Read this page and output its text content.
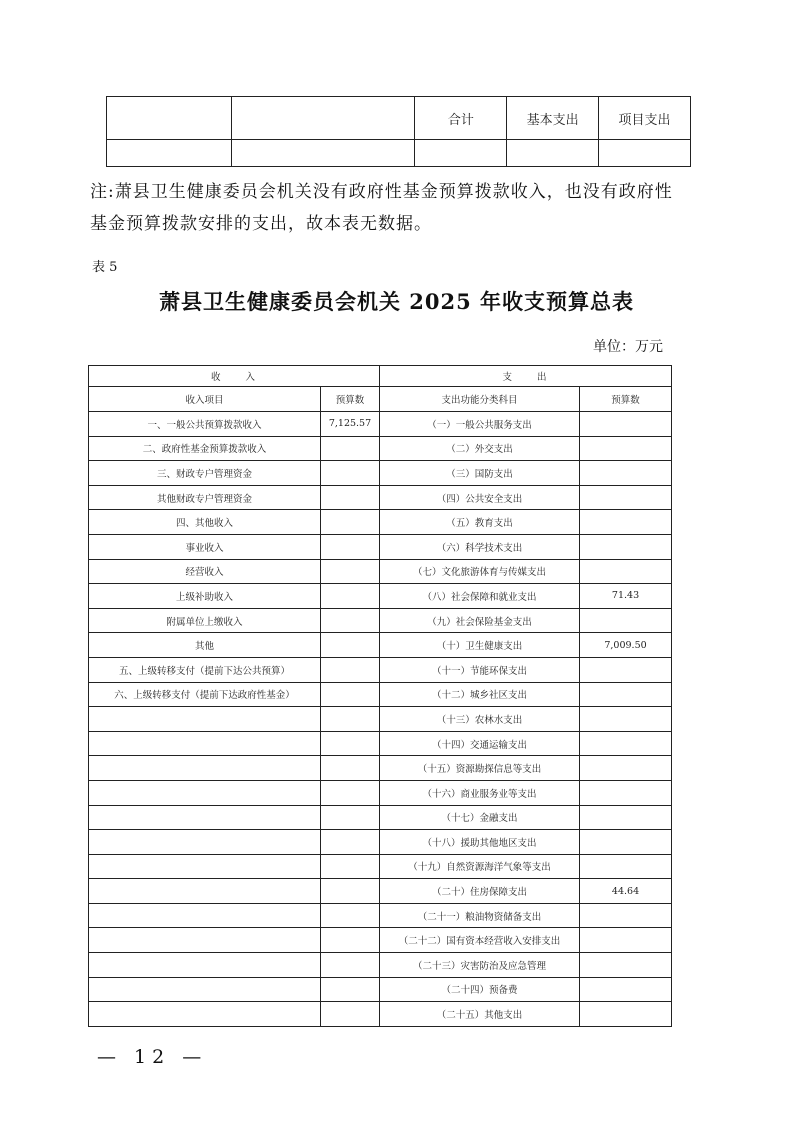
		合计	基本支出	项目支出

注:萧县卫生健康委员会机关没有政府性基金预算拨款收入，也没有政府性基金预算拨款安排的支出，故本表无数据。
表 5
萧县卫生健康委员会机关 2025 年收支预算总表
单位：万元
收　　入		支　　出	
收入项目	预算数	支出功能分类科目	预算数
一、一般公共预算拨款收入	7,125.57	（一）一般公共服务支出	
二、政府性基金预算拨款收入		（二）外交支出	
三、财政专户管理资金		（三）国防支出	
其他财政专户管理资金		（四）公共安全支出	
四、其他收入		（五）教育支出	
事业收入		（六）科学技术支出	
经营收入		（七）文化旅游体育与传媒支出	
上级补助收入		（八）社会保障和就业支出	71.43
附属单位上缴收入		（九）社会保险基金支出	
其他		（十）卫生健康支出	7,009.50
五、上级转移支付（提前下达公共预算）		（十一）节能环保支出	
六、上级转移支付（提前下达政府性基金）		（十二）城乡社区支出	
		（十三）农林水支出	
		（十四）交通运输支出	
		（十五）资源勘探信息等支出	
		（十六）商业服务业等支出	
		（十七）金融支出	
		（十八）援助其他地区支出	
		（十九）自然资源海洋气象等支出	
		（二十）住房保障支出	44.64
		（二十一）粮油物资储备支出	
		（二十二）国有资本经营收入安排支出	
		（二十三）灾害防治及应急管理	
		（二十四）预备费	
		（二十五）其他支出	
— 12 —
